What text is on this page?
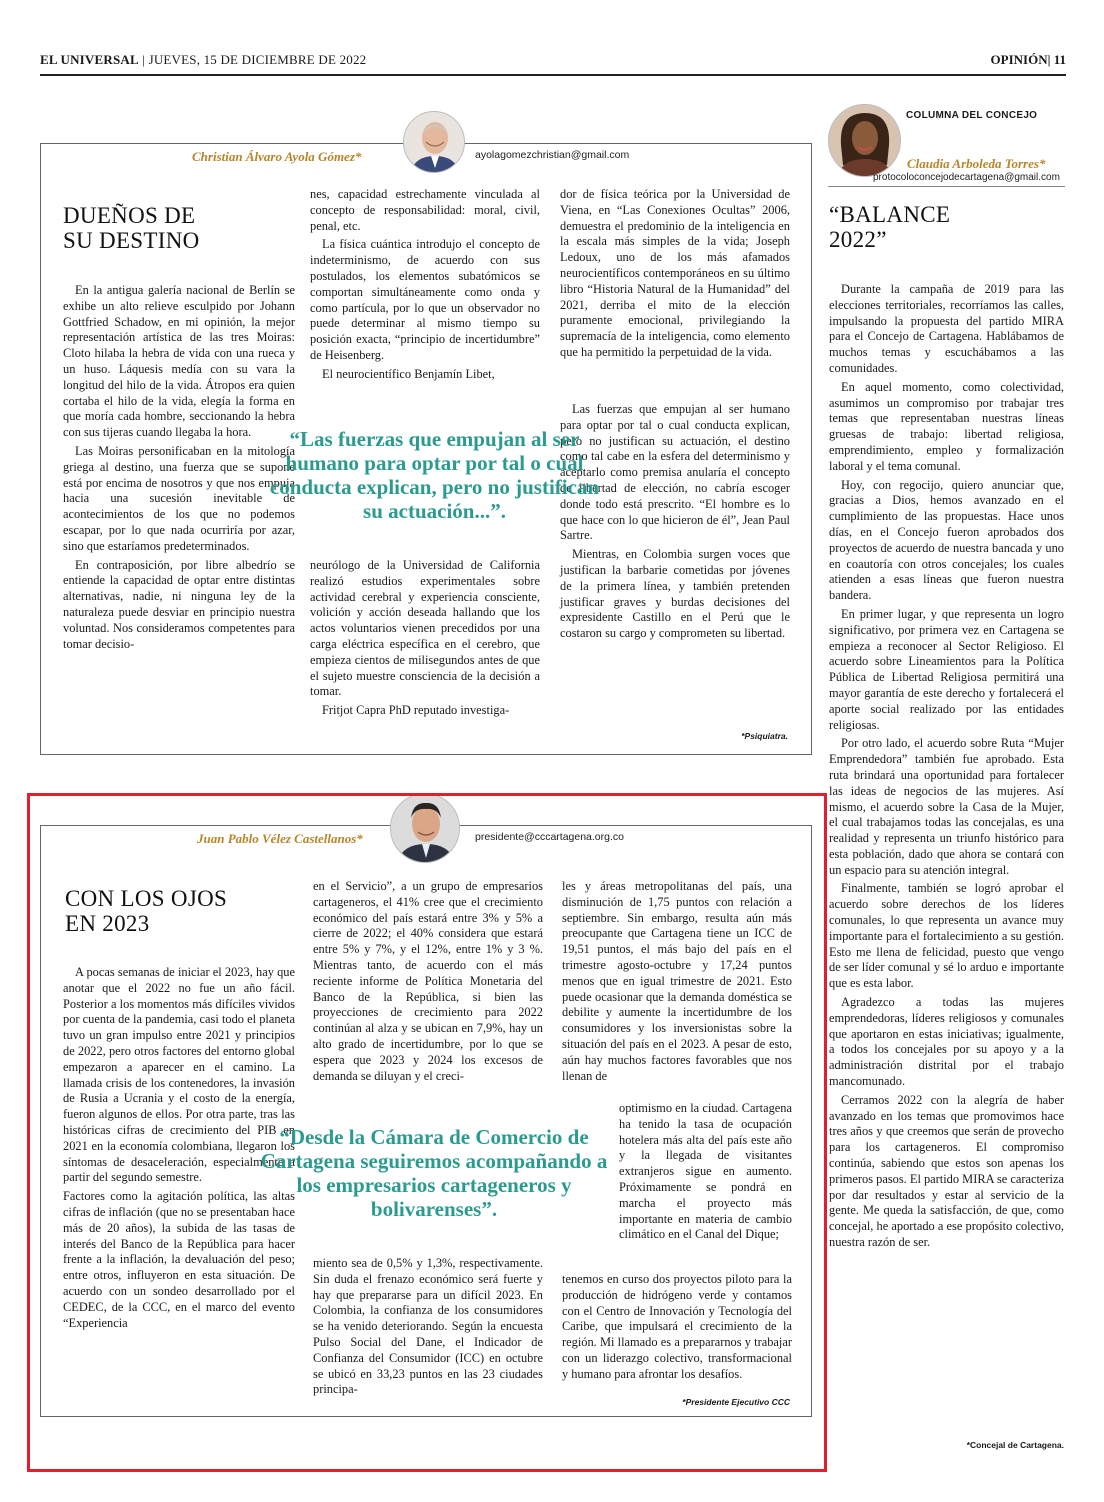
EL UNIVERSAL | JUEVES, 15 DE DICIEMBRE DE 2022	OPINIÓN| 11
Christian Álvaro Ayola Gómez*	ayolagomezchristian@gmail.com
DUEÑOS DE
SU DESTINO

En la antigua galería nacional de Berlín se exhibe un alto relieve esculpido por Johann Gottfried Schadow, en mi opinión, la mejor representación artística de las tres Moiras: Cloto hilaba la hebra de vida con una rueca y un huso. Láquesis medía con su vara la longitud del hilo de la vida. Átropos era quien cortaba el hilo de la vida, elegía la forma en que moría cada hombre, seccionando la hebra con sus tijeras cuando llegaba la hora.

Las Moiras personificaban en la mitología griega al destino, una fuerza que se supone está por encima de nosotros y que nos empuja hacia una sucesión inevitable de acontecimientos de los que no podemos escapar, por lo que nada ocurriría por azar, sino que estaríamos predeterminados.

En contraposición, por libre albedrío se entiende la capacidad de optar entre distintas alternativas, nadie, ni ninguna ley de la naturaleza puede desviar en principio nuestra voluntad. Nos consideramos competentes para tomar decisio-

nes, capacidad estrechamente vinculada al concepto de responsabilidad: moral, civil, penal, etc.

La física cuántica introdujo el concepto de indeterminismo, de acuerdo con sus postulados, los elementos subatómicos se comportan simultáneamente como onda y como partícula, por lo que un observador no puede determinar al mismo tiempo su posición exacta, “principio de incertidumbre” de Heisenberg.

El neurocientífico Benjamín Libet,

neurólogo de la Universidad de California realizó estudios experimentales sobre actividad cerebral y experiencia consciente, volición y acción deseada hallando que los actos voluntarios vienen precedidos por una carga eléctrica específica en el cerebro, que empieza cientos de milisegundos antes de que el sujeto muestre consciencia de la decisión a tomar.

Fritjot Capra PhD reputado investiga-

dor de física teórica por la Universidad de Viena, en “Las Conexiones Ocultas” 2006, demuestra el predominio de la inteligencia en la escala más simples de la vida; Joseph Ledoux, uno de los más afamados neurocientíficos contemporáneos en su último libro “Historia Natural de la Humanidad” del 2021, derriba el mito de la elección puramente emocional, privilegiando la supremacía de la inteligencia, como elemento que ha permitido la perpetuidad de la vida.

Las fuerzas que empujan al ser humano para optar por tal o cual conducta explican, pero no justifican su actuación, el destino como tal cabe en la esfera del determinismo y aceptarlo como premisa anularía el concepto de libertad de elección, no cabría escoger donde todo está prescrito. “El hombre es lo que hace con lo que hicieron de él”, Jean Paul Sartre.

Mientras, en Colombia surgen voces que justifican la barbarie cometidas por jóvenes de la primera línea, y también pretenden justificar graves y burdas decisiones del expresidente Castillo en el Perú que le costaron su cargo y comprometen su libertad.

“Las fuerzas que empujan al ser humano para optar por tal o cual conducta explican, pero no justifican su actuación...”.
*Psiquiatra.
Juan Pablo Vélez Castellanos*	presidente@cccartagena.org.co
CON LOS OJOS
EN 2023

A pocas semanas de iniciar el 2023, hay que anotar que el 2022 no fue un año fácil. Posterior a los momentos más difíciles vividos por cuenta de la pandemia, casi todo el planeta tuvo un gran impulso entre 2021 y principios de 2022, pero otros factores del entorno global empezaron a aparecer en el camino. La llamada crisis de los contenedores, la invasión de Rusia a Ucrania y el costo de la energía, fueron algunos de ellos. Por otra parte, tras las históricas cifras de crecimiento del PIB en 2021 en la economía colombiana, llegaron los síntomas de desaceleración, especialmente a partir del segundo semestre.

Factores como la agitación política, las altas cifras de inflación (que no se presentaban hace más de 20 años), la subida de las tasas de interés del Banco de la República para hacer frente a la inflación, la devaluación del peso; entre otros, influyeron en esta situación. De acuerdo con un sondeo desarrollado por el CEDEC, de la CCC, en el marco del evento “Experiencia

en el Servicio”, a un grupo de empresarios cartageneros, el 41% cree que el crecimiento económico del país estará entre 3% y 5% a cierre de 2022; el 40% considera que estará entre 5% y 7%, y el 12%, entre 1% y 3 %. Mientras tanto, de acuerdo con el más reciente informe de Política Monetaria del Banco de la República, si bien las proyecciones de crecimiento para 2022 continúan al alza y se ubican en 7,9%, hay un alto grado de incertidumbre, por lo que se espera que 2023 y 2024 los excesos de demanda se diluyan y el creci-

miento sea de 0,5% y 1,3%, respectivamente. Sin duda el frenazo económico será fuerte y hay que prepararse para un difícil 2023. En Colombia, la confianza de los consumidores se ha venido deteriorando. Según la encuesta Pulso Social del Dane, el Indicador de Confianza del Consumidor (ICC) en octubre se ubicó en 33,23 puntos en las 23 ciudades principa-

les y áreas metropolitanas del país, una disminución de 1,75 puntos con relación a septiembre. Sin embargo, resulta aún más preocupante que Cartagena tiene un ICC de 19,51 puntos, el más bajo del país en el trimestre agosto-octubre y 17,24 puntos menos que en igual trimestre de 2021. Esto puede ocasionar que la demanda doméstica se debilite y aumente la incertidumbre de los consumidores y los inversionistas sobre la situación del país en el 2023. A pesar de esto, aún hay muchos factores favorables que nos llenan de

optimismo en la ciudad. Cartagena ha tenido la tasa de ocupación hotelera más alta del país este año y la llegada de visitantes extranjeros sigue en aumento. Próximamente se pondrá en marcha el proyecto más importante en materia de cambio climático en el Canal del Dique;

tenemos en curso dos proyectos piloto para la producción de hidrógeno verde y contamos con el Centro de Innovación y Tecnología del Caribe, que impulsará el crecimiento de la región. Mi llamado es a prepararnos y trabajar con un liderazgo colectivo, transformacional y humano para afrontar los desafíos.

“Desde la Cámara de Comercio de Cartagena seguiremos acompañando a los empresarios cartageneros y bolivarenses”.
*Presidente Ejecutivo CCC
COLUMNA DEL CONCEJO
Claudia Arboleda Torres*
protocoloconcejodecartagena@gmail.com
“BALANCE
2022”

Durante la campaña de 2019 para las elecciones territoriales, recorríamos las calles, impulsando la propuesta del partido MIRA para el Concejo de Cartagena. Hablábamos de muchos temas y escuchábamos a las comunidades.

En aquel momento, como colectividad, asumimos un compromiso por trabajar tres temas que representaban nuestras líneas gruesas de trabajo: libertad religiosa, emprendimiento, empleo y formalización laboral y el tema comunal.

Hoy, con regocijo, quiero anunciar que, gracias a Dios, hemos avanzado en el cumplimiento de las propuestas. Hace unos días, en el Concejo fueron aprobados dos proyectos de acuerdo de nuestra bancada y uno en coautoría con otros concejales; los cuales atienden a esas líneas que fueron nuestra bandera.

En primer lugar, y que representa un logro significativo, por primera vez en Cartagena se empieza a reconocer al Sector Religioso. El acuerdo sobre Lineamientos para la Política Pública de Libertad Religiosa permitirá una mayor garantía de este derecho y fortalecerá el aporte social realizado por las entidades religiosas.

Por otro lado, el acuerdo sobre Ruta “Mujer Emprendedora” también fue aprobado. Esta ruta brindará una oportunidad para fortalecer las ideas de negocios de las mujeres. Así mismo, el acuerdo sobre la Casa de la Mujer, el cual trabajamos todas las concejalas, es una realidad y representa un triunfo histórico para esta población, dado que ahora se contará con un espacio para su atención integral.

Finalmente, también se logró aprobar el acuerdo sobre derechos de los líderes comunales, lo que representa un avance muy importante para el fortalecimiento a su gestión. Esto me llena de felicidad, puesto que vengo de ser líder comunal y sé lo arduo e importante que es esta labor.

Agradezco a todas las mujeres emprendedoras, líderes religiosos y comunales que aportaron en estas iniciativas; igualmente, a todos los concejales por su apoyo y a la administración distrital por el trabajo mancomunado.

Cerramos 2022 con la alegría de haber avanzado en los temas que promovimos hace tres años y que creemos que serán de provecho para los cartageneros. El compromiso continúa, sabiendo que estos son apenas los primeros pasos. El partido MIRA se caracteriza por dar resultados y estar al servicio de la gente. Me queda la satisfacción, de que, como concejal, he aportado a ese propósito colectivo, nuestra razón de ser.

*Concejal de Cartagena.
